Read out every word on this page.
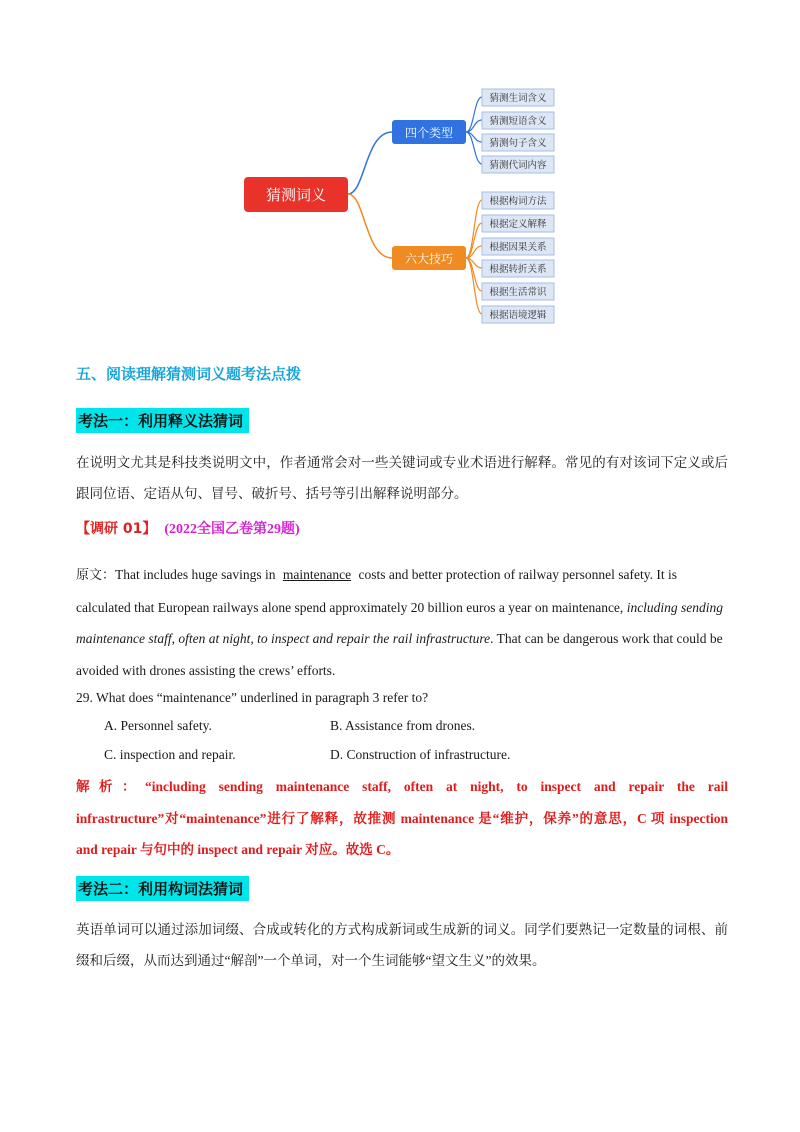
猜测词义
四个类型
六大技巧
猜测生词含义
猜测短语含义
猜测句子含义
猜测代词内容
根据构词方法
根据定义解释
根据因果关系
根据转折关系
根据生活常识
根据语境逻辑
五、阅读理解猜测词义题考法点拨
考法一：利用释义法猜词

在说明文尤其是科技类说明文中，作者通常会对一些关键词或专业术语进行解释。常见的有对该词下定义或后跟同位语、定语从句、冒号、破折号、括号等引出解释说明部分。

【调研 01】 (2022全国乙卷第29题)
原文：That includes huge savings in maintenance costs and better protection of railway personnel safety. It is calculated that European railways alone spend approximately 20 billion euros a year on maintenance, including sending maintenance staff, often at night, to inspect and repair the rail infrastructure. That can be dangerous work that could be avoided with drones assisting the crews’ efforts.
29. What does “maintenance” underlined in paragraph 3 refer to?
A. Personnel safety.	B. Assistance from drones.
C. inspection and repair.	D. Construction of infrastructure.
解析：“including sending maintenance staff, often at night, to inspect and repair the rail infrastructure”对“maintenance”进行了解释，故推测 maintenance 是“维护，保养”的意思，C 项 inspection and repair 与句中的 inspect and repair 对应。故选 C。
考法二：利用构词法猜词

英语单词可以通过添加词缀、合成或转化的方式构成新词或生成新的词义。同学们要熟记一定数量的词根、前缀和后缀，从而达到通过“解剖”一个单词，对一个生词能够“望文生义”的效果。
